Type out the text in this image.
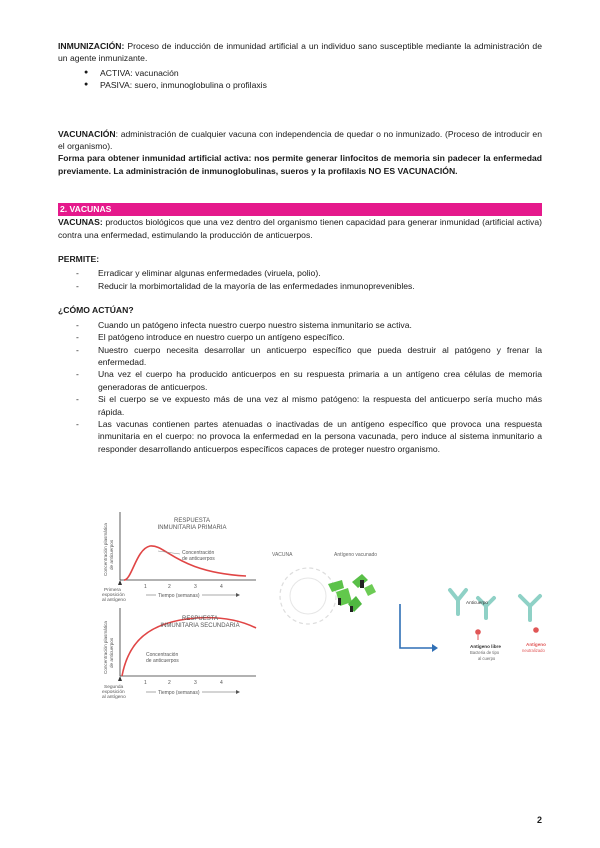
INMUNIZACIÓN: Proceso de inducción de inmunidad artificial a un individuo sano susceptible mediante la administración de un agente inmunizante.

● ACTIVA: vacunación
● PASIVA: suero, inmunoglobulina o profilaxis

VACUNACIÓN: administración de cualquier vacuna con independencia de quedar o no inmunizado. (Proceso de introducir en el organismo).

Forma para obtener inmunidad artificial activa: nos permite generar linfocitos de memoria sin padecer la enfermedad previamente. La administración de inmunoglobulinas, sueros y la profilaxis NO ES VACUNACIÓN.

2. VACUNAS

VACUNAS: productos biológicos que una vez dentro del organismo tienen capacidad para generar inmunidad (artificial activa) contra una enfermedad, estimulando la producción de anticuerpos.

PERMITE:

- Erradicar y eliminar algunas enfermedades (viruela, polio).
- Reducir la morbimortalidad de la mayoría de las enfermedades inmunoprevenibles.

¿CÓMO ACTÚAN?

- Cuando un patógeno infecta nuestro cuerpo nuestro sistema inmunitario se activa.
- El patógeno introduce en nuestro cuerpo un antígeno específico.
- Nuestro cuerpo necesita desarrollar un anticuerpo específico que pueda destruir al patógeno y frenar la enfermedad.
- Una vez el cuerpo ha producido anticuerpos en su respuesta primaria a un antígeno crea células de memoria generadoras de anticuerpos.
- Si el cuerpo se ve expuesto más de una vez al mismo patógeno: la respuesta del anticuerpo sería mucho más rápida.
- Las vacunas contienen partes atenuadas o inactivadas de un antígeno específico que provoca una respuesta inmunitaria en el cuerpo: no provoca la enfermedad en la persona vacunada, pero induce al sistema inmunitario a responder desarrollando anticuerpos específicos capaces de proteger nuestro organismo.
RESPUESTA
INMUNITARIA PRIMARIA
Concentración
de anticuerpos
Concentración plasmática de anticuerpos
1	2	3	4
Primera
exposición
al antígeno
Tiempo (semanas)
RESPUESTA
INMUNITARIA SECUNDARIA
Concentración
de anticuerpos
Concentración plasmática de anticuerpos
1	2	3	4
Segunda
exposición
al antígeno
Tiempo (semanas)
VACUNA	Antígeno vacunado
Anticuerpo
Antígeno libre
Bacteria de tipo
al cuerpo
Antígeno
neutralizado
2
